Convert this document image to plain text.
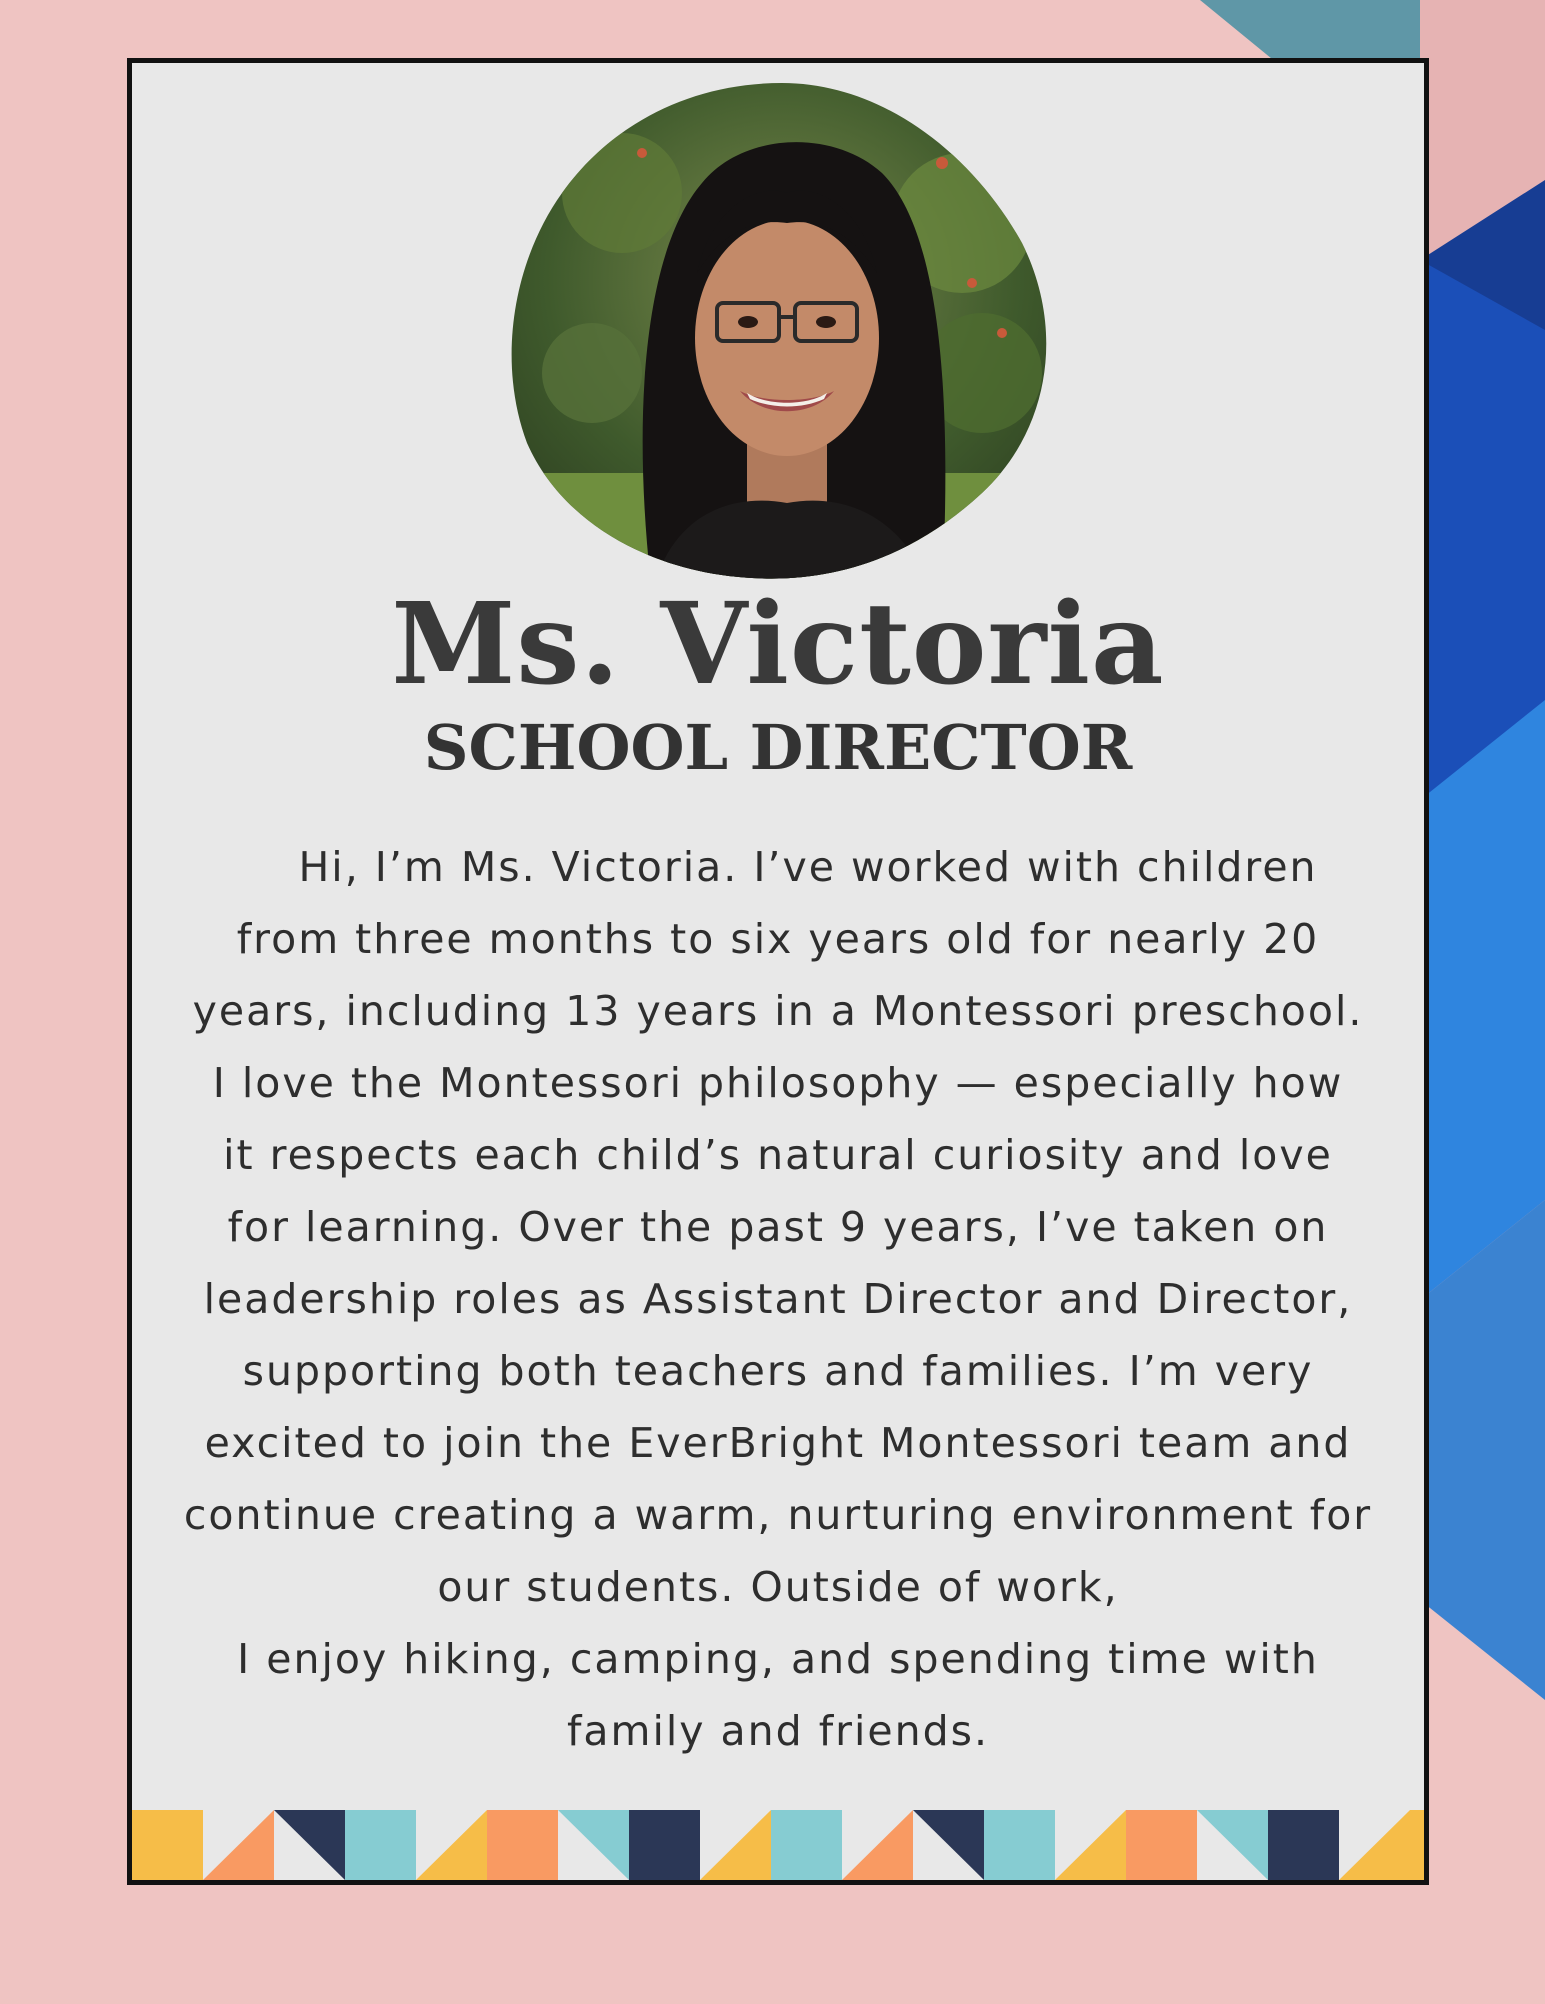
Ms. Victoria
SCHOOL DIRECTOR
Hi, I’m Ms. Victoria. I’ve worked with children
from three months to six years old for nearly 20
years, including 13 years in a Montessori preschool.
I love the Montessori philosophy — especially how
it respects each child’s natural curiosity and love
for learning. Over the past 9 years, I’ve taken on
leadership roles as Assistant Director and Director,
supporting both teachers and families. I’m very
excited to join the EverBright Montessori team and
continue creating a warm, nurturing environment for
our students. Outside of work,
I enjoy hiking, camping, and spending time with
family and friends.
